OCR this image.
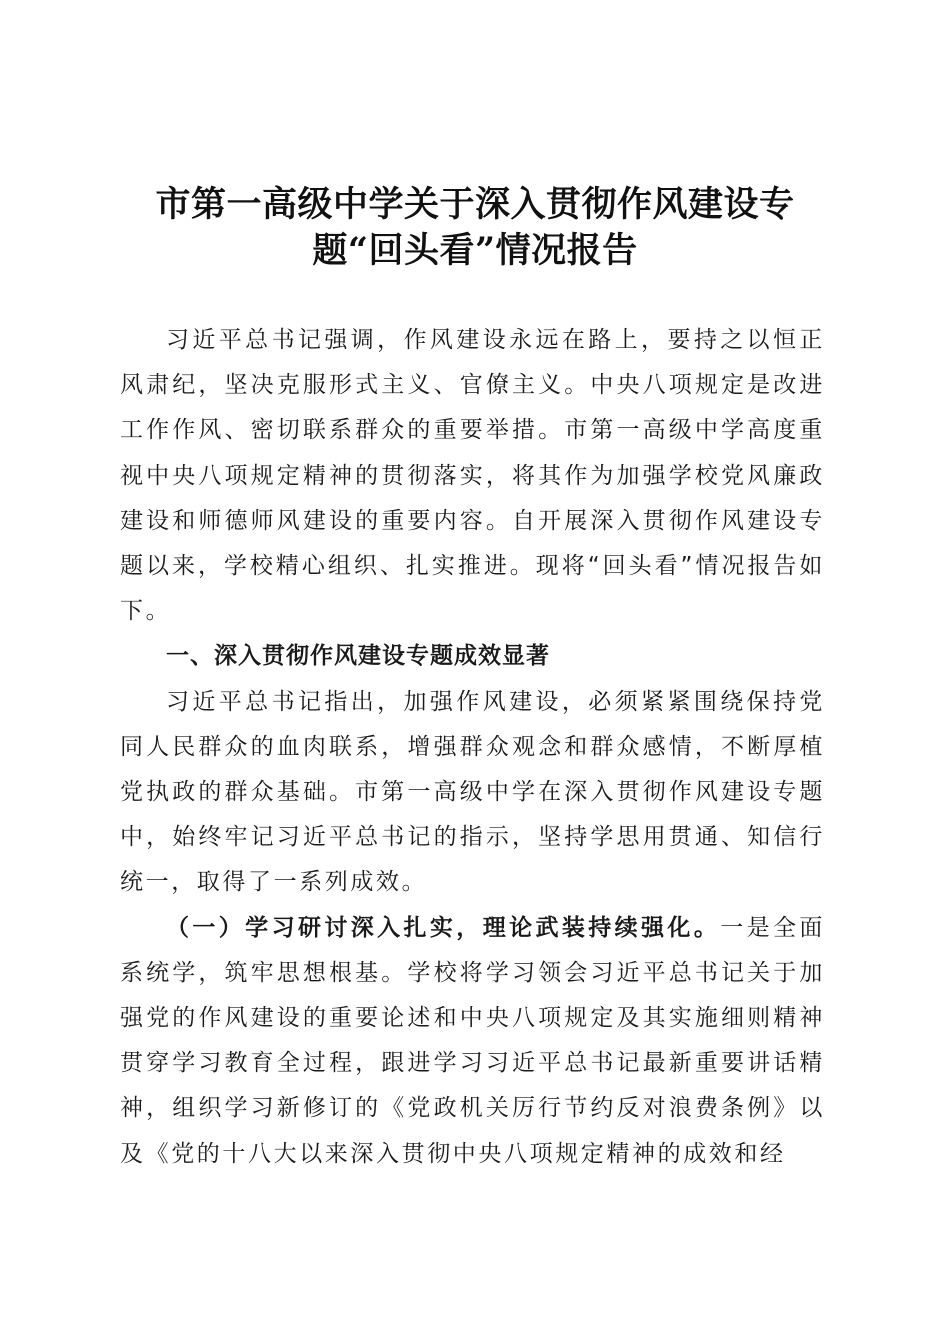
市第一高级中学关于深入贯彻作风建设专
题“回头看”情况报告

习近平总书记强调，作风建设永远在路上，要持之以恒正风肃纪，坚决克服形式主义、官僚主义。中央八项规定是改进工作作风、密切联系群众的重要举措。市第一高级中学高度重视中央八项规定精神的贯彻落实，将其作为加强学校党风廉政建设和师德师风建设的重要内容。自开展深入贯彻作风建设专题以来，学校精心组织、扎实推进。现将“回头看”情况报告如下。

一、深入贯彻作风建设专题成效显著

习近平总书记指出，加强作风建设，必须紧紧围绕保持党同人民群众的血肉联系，增强群众观念和群众感情，不断厚植党执政的群众基础。市第一高级中学在深入贯彻作风建设专题中，始终牢记习近平总书记的指示，坚持学思用贯通、知信行统一，取得了一系列成效。

（一）学习研讨深入扎实，理论武装持续强化。一是全面系统学，筑牢思想根基。学校将学习领会习近平总书记关于加强党的作风建设的重要论述和中央八项规定及其实施细则精神贯穿学习教育全过程，跟进学习习近平总书记最新重要讲话精神，组织学习新修订的《党政机关厉行节约反对浪费条例》以及《党的十八大以来深入贯彻中央八项规定精神的成效和经
